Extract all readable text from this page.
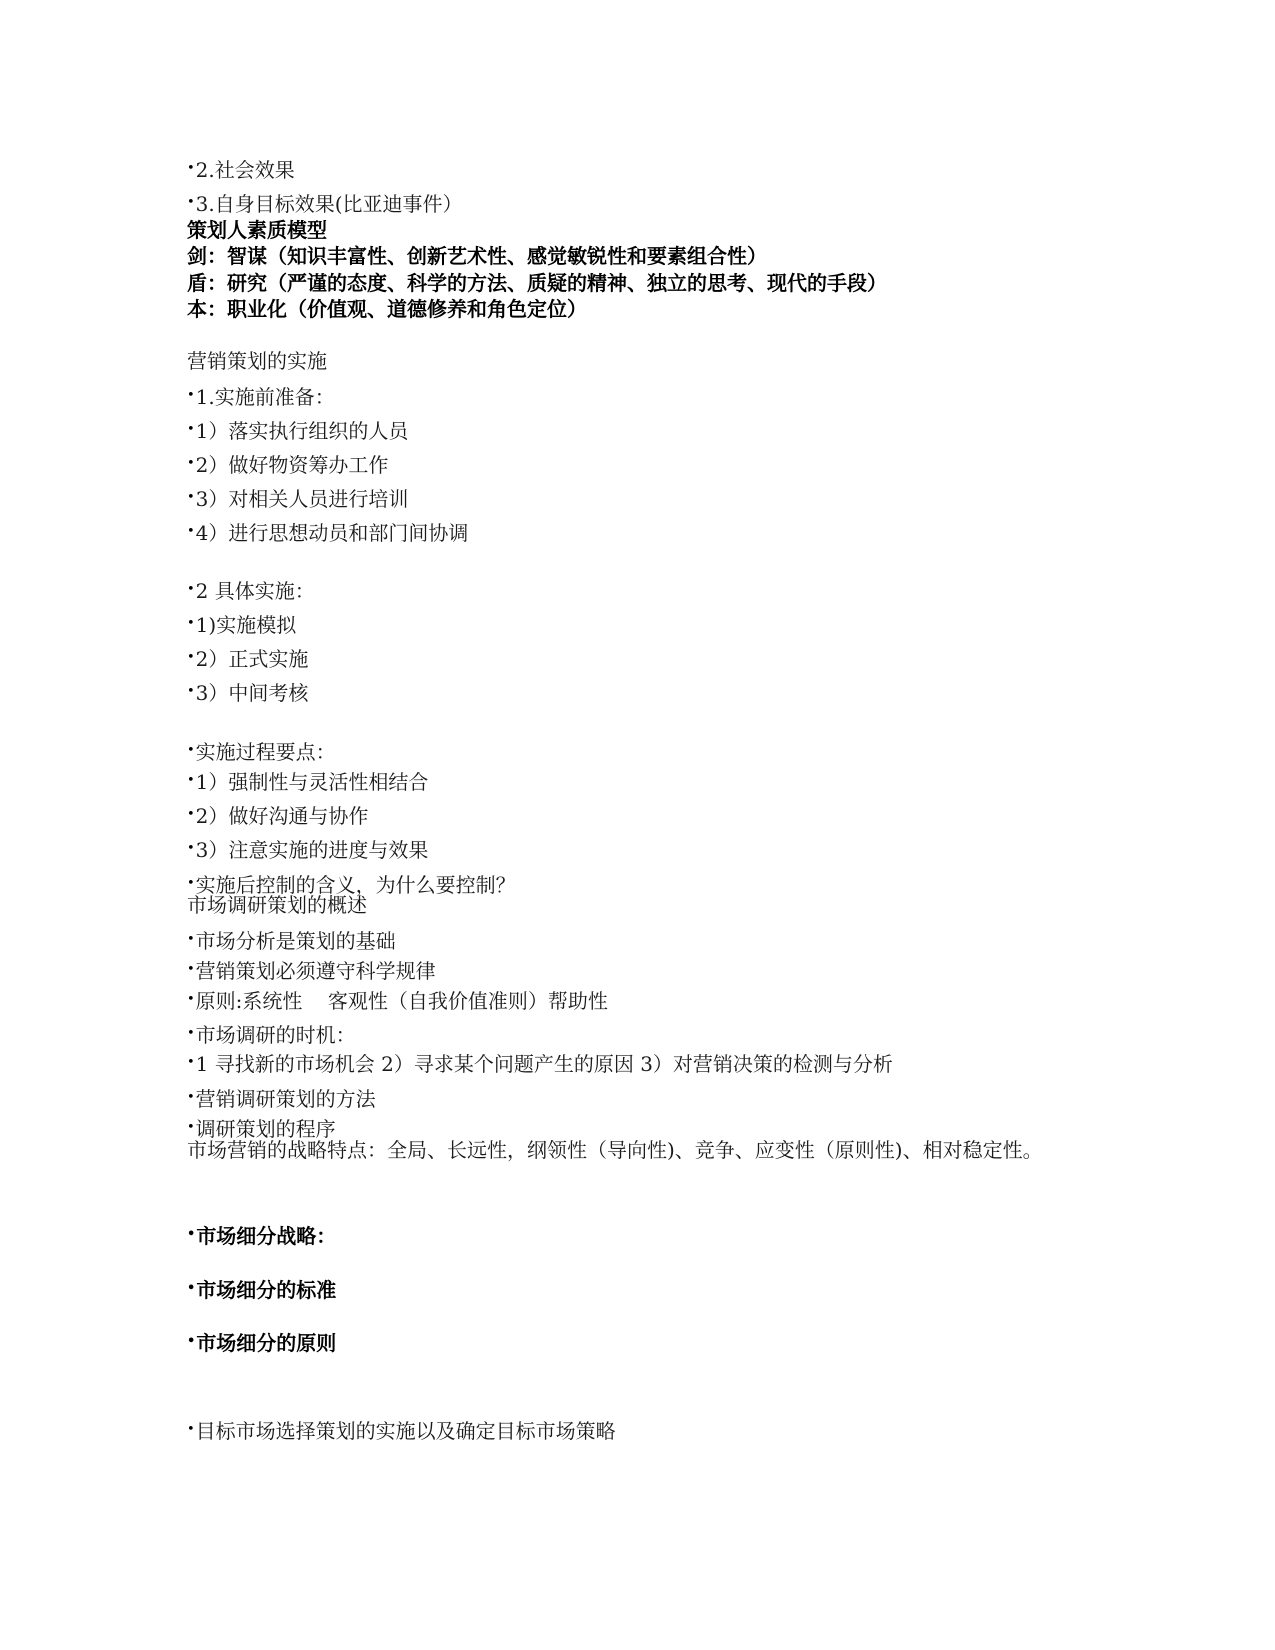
•2.社会效果
•3.自身目标效果(比亚迪事件）
策划人素质模型
剑：智谋（知识丰富性、创新艺术性、感觉敏锐性和要素组合性）
盾：研究（严谨的态度、科学的方法、质疑的精神、独立的思考、现代的手段）
本：职业化（价值观、道德修养和角色定位）
营销策划的实施
•1.实施前准备：
•1）落实执行组织的人员
•2）做好物资筹办工作
•3）对相关人员进行培训
•4）进行思想动员和部门间协调
•2 具体实施：
•1)实施模拟
•2）正式实施
•3）中间考核
•实施过程要点：
•1）强制性与灵活性相结合
•2）做好沟通与协作
•3）注意实施的进度与效果
•实施后控制的含义，为什么要控制？
市场调研策划的概述
•市场分析是策划的基础
•营销策划必须遵守科学规律
•原则:系统性    客观性（自我价值准则）帮助性
•市场调研的时机：
•1 寻找新的市场机会 2）寻求某个问题产生的原因 3）对营销决策的检测与分析
•营销调研策划的方法
•调研策划的程序
市场营销的战略特点：全局、长远性，纲领性（导向性)、竞争、应变性（原则性)、相对稳定性。
•市场细分战略：
•市场细分的标准
•市场细分的原则
•目标市场选择策划的实施以及确定目标市场策略
